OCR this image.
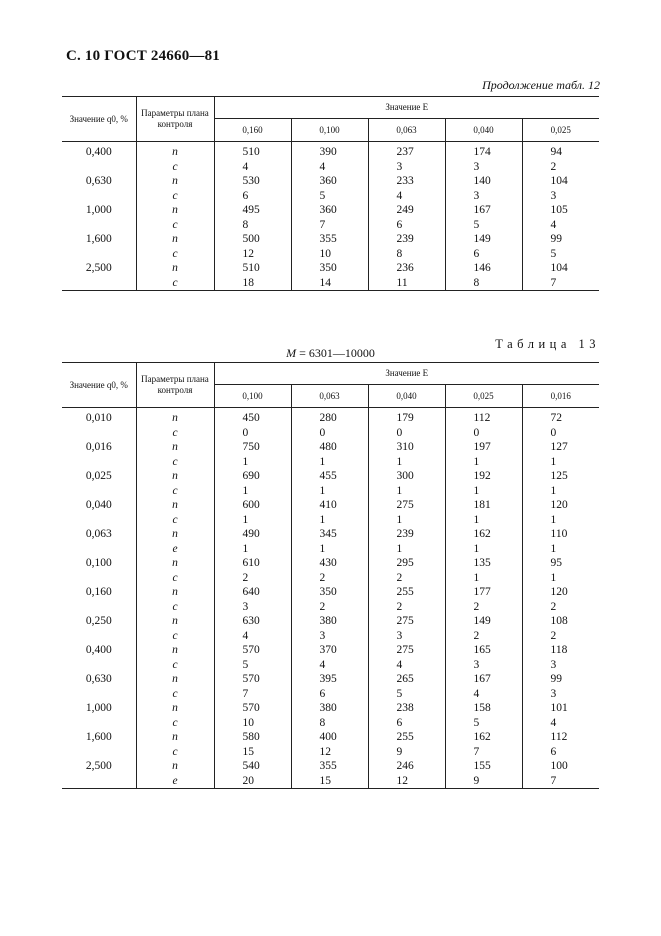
С. 10 ГОСТ 24660—81
Продолжение табл. 12
Значение q0, %	Параметры плана контроля	Значение E				
		0,160	0,100	0,063	0,040	0,025
0,400	n	510	390	237	174	94
	c	4	4	3	3	2
0,630	n	530	360	233	140	104
	c	6	5	4	3	3
1,000	n	495	360	249	167	105
	c	8	7	6	5	4
1,600	n	500	355	239	149	99
	c	12	10	8	6	5
2,500	n	510	350	236	146	104
	c	18	14	11	8	7
Таблица 13
M = 6301—10000
Значение q0, %	Параметры плана контроля	Значение E				
		0,100	0,063	0,040	0,025	0,016
0,010	n	450	280	179	112	72
	c	0	0	0	0	0
0,016	n	750	480	310	197	127
	c	1	1	1	1	1
0,025	n	690	455	300	192	125
	c	1	1	1	1	1
0,040	n	600	410	275	181	120
	c	1	1	1	1	1
0,063	n	490	345	239	162	110
	e	1	1	1	1	1
0,100	n	610	430	295	135	95
	c	2	2	2	1	1
0,160	n	640	350	255	177	120
	c	3	2	2	2	2
0,250	n	630	380	275	149	108
	c	4	3	3	2	2
0,400	n	570	370	275	165	118
	c	5	4	4	3	3
0,630	n	570	395	265	167	99
	c	7	6	5	4	3
1,000	n	570	380	238	158	101
	c	10	8	6	5	4
1,600	n	580	400	255	162	112
	c	15	12	9	7	6
2,500	n	540	355	246	155	100
	e	20	15	12	9	7
